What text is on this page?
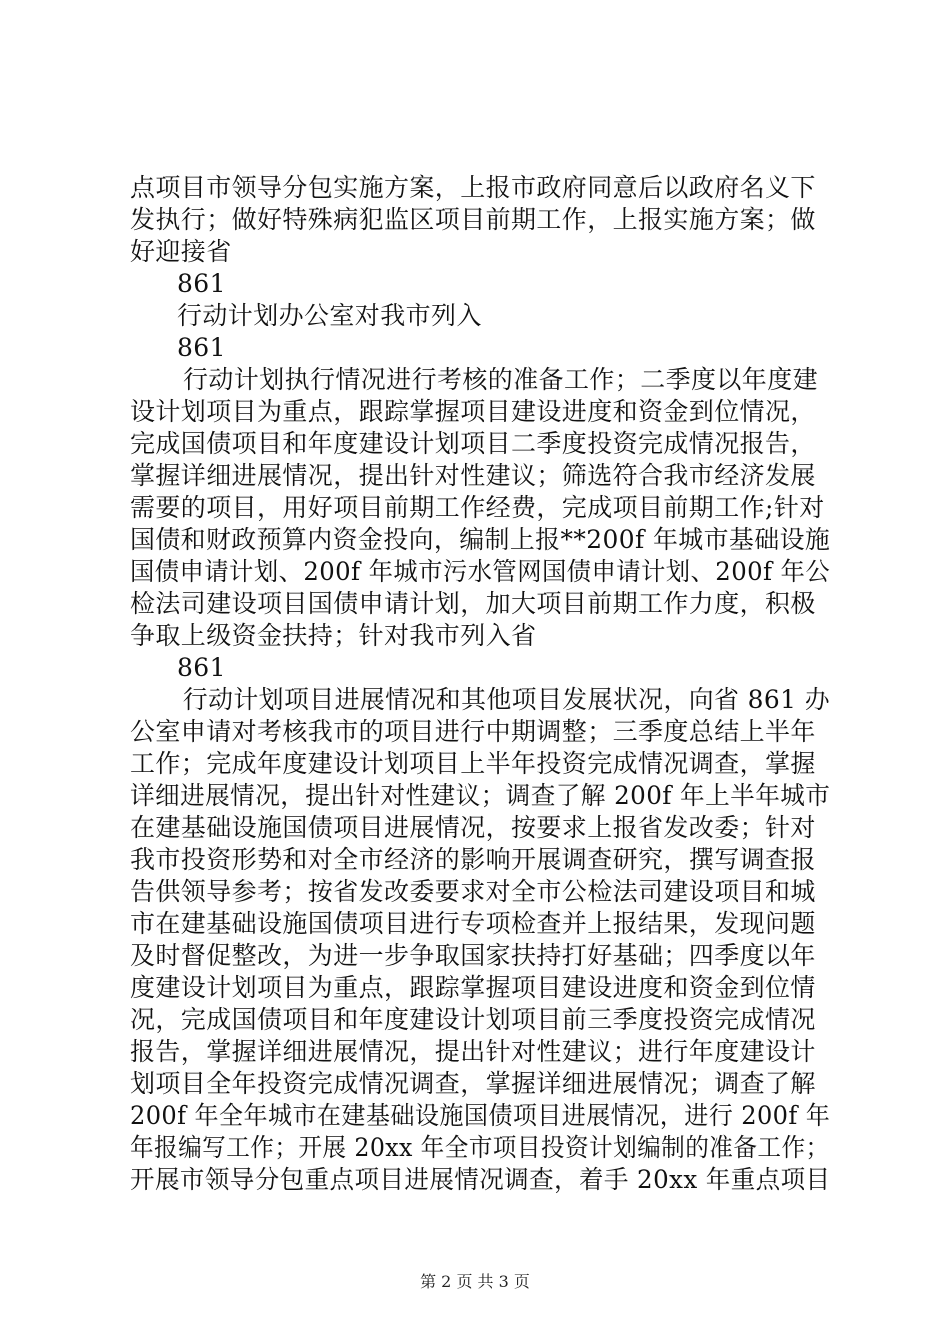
点项目市领导分包实施方案，上报市政府同意后以政府名义下
发执行；做好特殊病犯监区项目前期工作，上报实施方案；做
好迎接省
861
行动计划办公室对我市列入
861
行动计划执行情况进行考核的准备工作；二季度以年度建
设计划项目为重点，跟踪掌握项目建设进度和资金到位情况，
完成国债项目和年度建设计划项目二季度投资完成情况报告，
掌握详细进展情况，提出针对性建议；筛选符合我市经济发展
需要的项目，用好项目前期工作经费，完成项目前期工作;针对
国债和财政预算内资金投向，编制上报**200f 年城市基础设施
国债申请计划、200f 年城市污水管网国债申请计划、200f 年公
检法司建设项目国债申请计划，加大项目前期工作力度，积极
争取上级资金扶持；针对我市列入省
861
行动计划项目进展情况和其他项目发展状况，向省 861 办
公室申请对考核我市的项目进行中期调整；三季度总结上半年
工作；完成年度建设计划项目上半年投资完成情况调查，掌握
详细进展情况，提出针对性建议；调查了解 200f 年上半年城市
在建基础设施国债项目进展情况，按要求上报省发改委；针对
我市投资形势和对全市经济的影响开展调查研究，撰写调查报
告供领导参考；按省发改委要求对全市公检法司建设项目和城
市在建基础设施国债项目进行专项检查并上报结果，发现问题
及时督促整改，为进一步争取国家扶持打好基础；四季度以年
度建设计划项目为重点，跟踪掌握项目建设进度和资金到位情
况，完成国债项目和年度建设计划项目前三季度投资完成情况
报告，掌握详细进展情况，提出针对性建议；进行年度建设计
划项目全年投资完成情况调查，掌握详细进展情况；调查了解
200f 年全年城市在建基础设施国债项目进展情况，进行 200f 年
年报编写工作；开展 20xx 年全市项目投资计划编制的准备工作；
开展市领导分包重点项目进展情况调查，着手 20xx 年重点项目
第 2 页 共 3 页
